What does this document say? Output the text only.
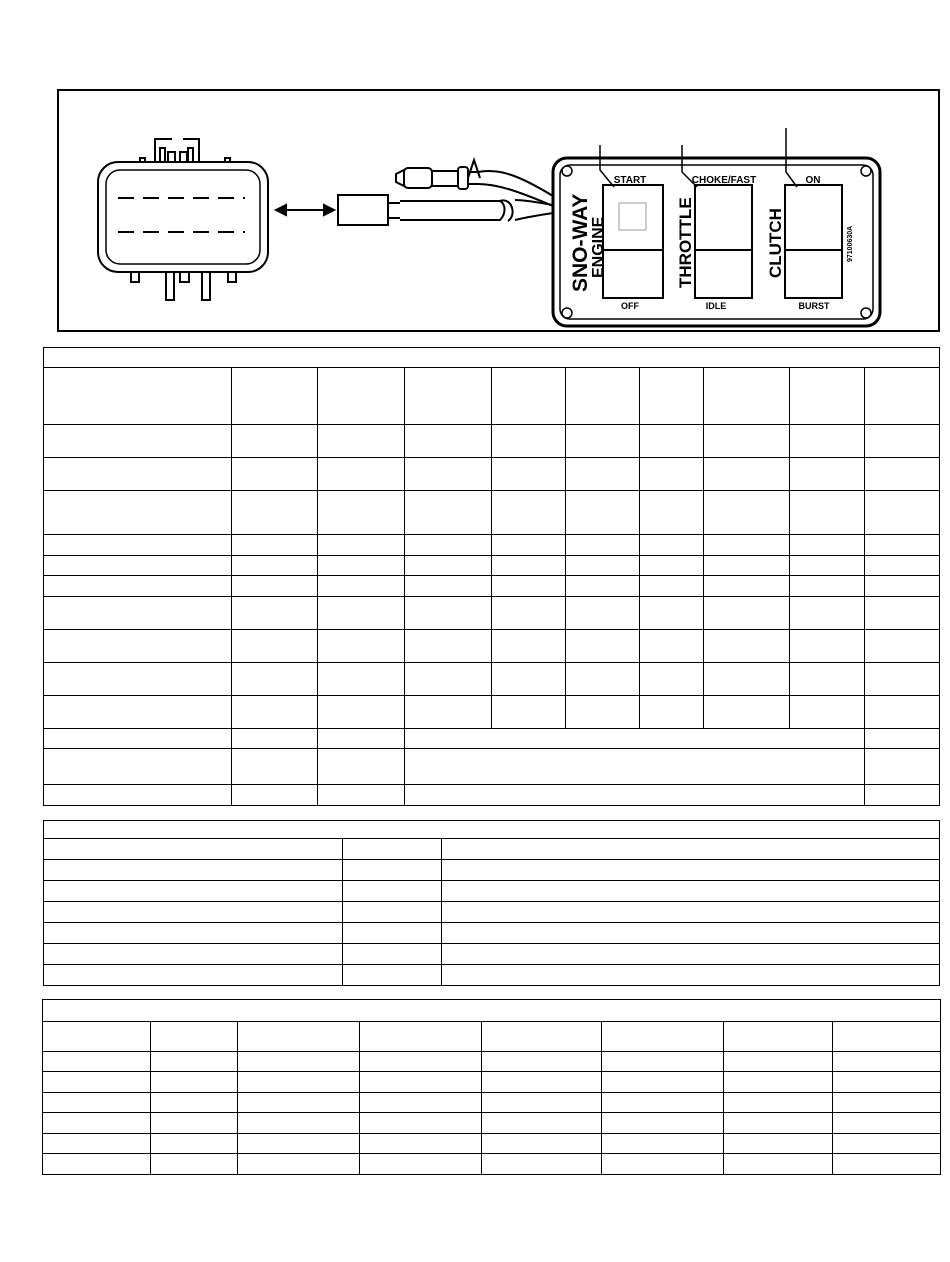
SNO-WAY
ENGINE	THROTTLE	CLUTCH	97100630A
START	CHOKE/FAST	ON
OFF	IDLE	BURST
